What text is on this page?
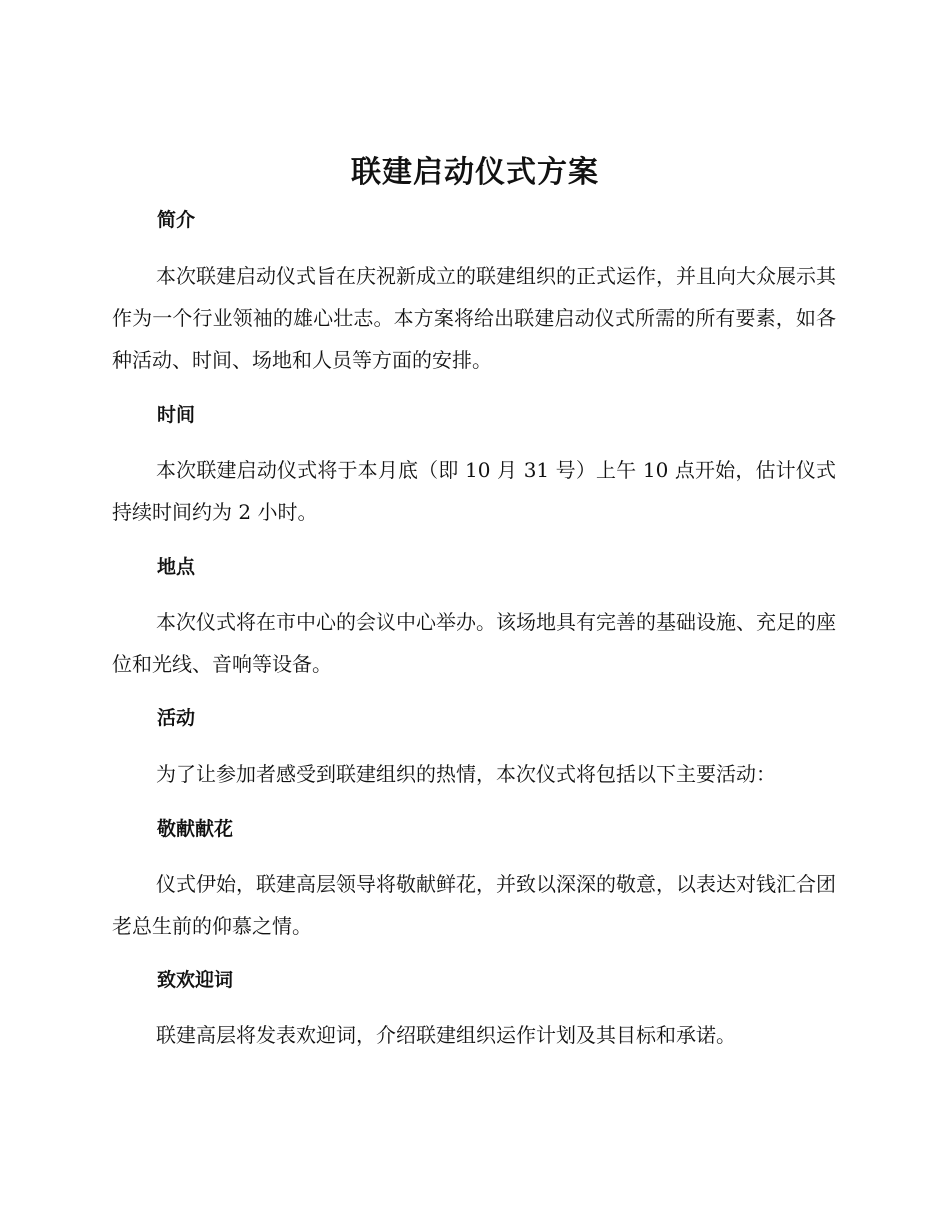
联建启动仪式方案
简介

本次联建启动仪式旨在庆祝新成立的联建组织的正式运作，并且向大众展示其作为一个行业领袖的雄心壮志。本方案将给出联建启动仪式所需的所有要素，如各种活动、时间、场地和人员等方面的安排。

时间

本次联建启动仪式将于本月底（即 10 月 31 号）上午 10 点开始，估计仪式持续时间约为 2 小时。

地点

本次仪式将在市中心的会议中心举办。该场地具有完善的基础设施、充足的座位和光线、音响等设备。

活动

为了让参加者感受到联建组织的热情，本次仪式将包括以下主要活动：

敬献献花

仪式伊始，联建高层领导将敬献鲜花，并致以深深的敬意，以表达对钱汇合团老总生前的仰慕之情。

致欢迎词

联建高层将发表欢迎词，介绍联建组织运作计划及其目标和承诺。
